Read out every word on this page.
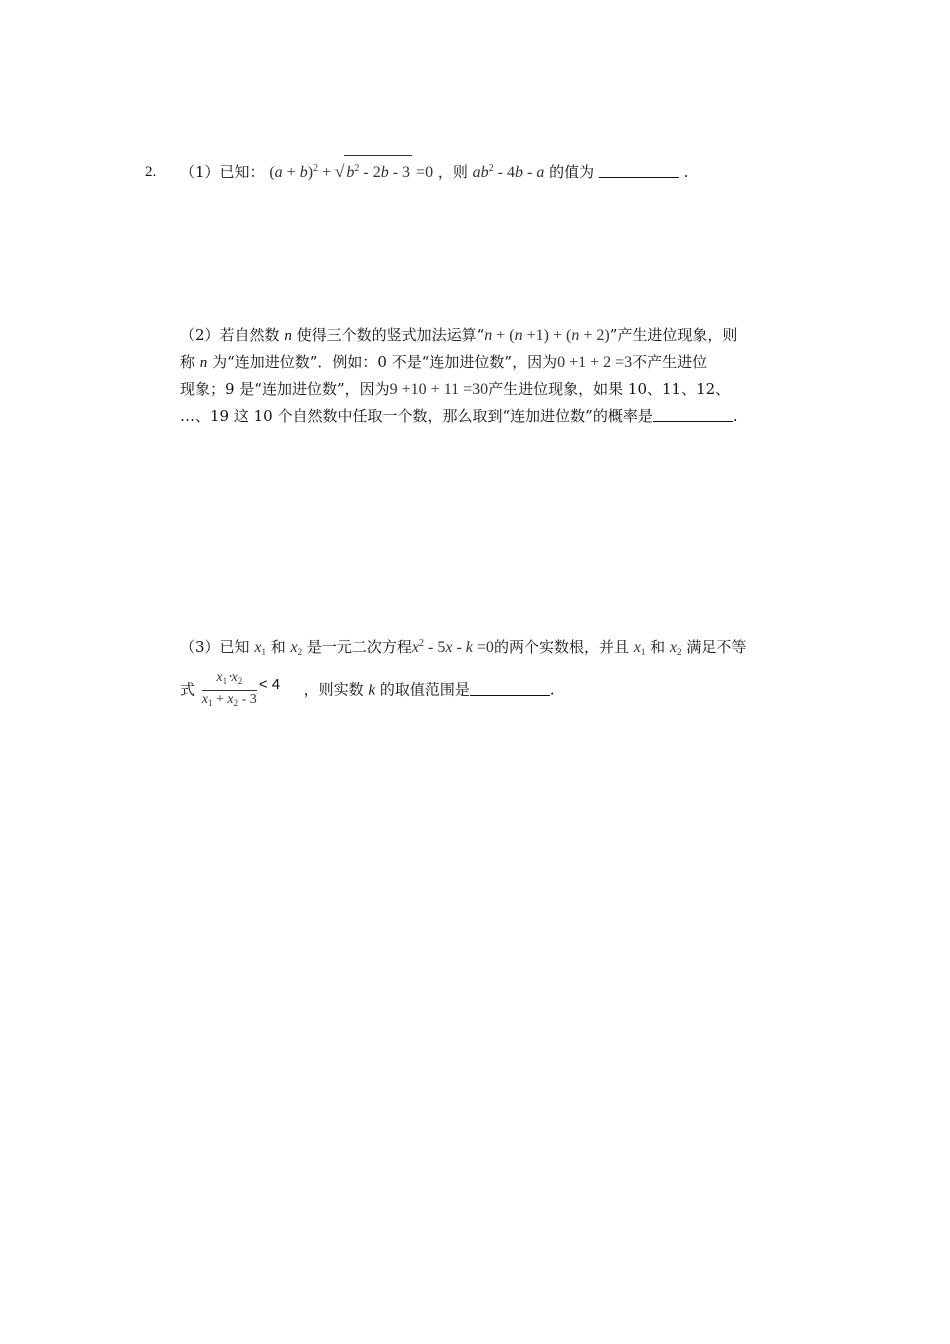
2. （1）已知： $(a + b)^2$ + √ $b^2 - 2b - 3 =0$ ，则 $ab^2 - 4b$ - a 的值为	.
（2）若自然数 n 使得三个数的竖式加法运算“n + (n +1) + (n + 2)”产生进位现象，则
称 n 为“连加进位数”．例如：0 不是“连加进位数”，因为0 +1 + 2 =3不产生进位
现象；9 是“连加进位数”，因为9 +10 + 11 =30产生进位现象，如果 10、11、12、
…、19 这 10 个自然数中任取一个数，那么取到“连加进位数”的概率是	.
（3）已知 $x_1$ 和 $x_2$ 是一元二次方程$x^2 - 5x - k =0$的两个实数根，并且 $x_1$ 和 $x_2$ 满足不等
式 $\frac{x_1\cdot x_2}{x_1 + x_2 - 3} < 4$ ，则实数 k 的取值范围是	.
